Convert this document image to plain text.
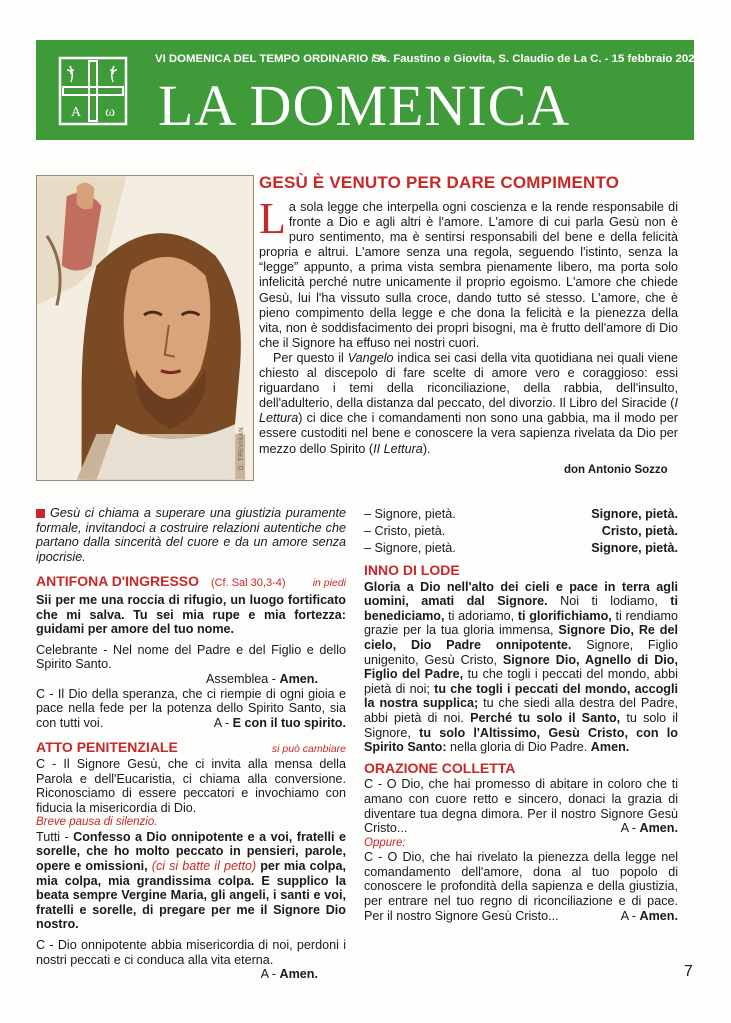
A ω
VI DOMENICA DEL TEMPO ORDINARIO / A
Ss. Faustino e Giovita, S. Claudio de La C. - 15 febbraio 2026
LA DOMENICA
D. TREVISAN
GESÙ È VENUTO PER DARE COMPIMENTO

La sola legge che interpella ogni coscienza e la rende responsabile di fronte a Dio e agli altri è l'amore. L'amore di cui parla Gesù non è puro sentimento, ma è sentirsi responsabili del bene e della felicità propria e altrui. L'amore senza una regola, seguendo l'istinto, senza la “legge” appunto, a prima vista sembra pienamente libero, ma porta solo infelicità perché nutre unicamente il proprio egoismo. L'amore che chiede Gesù, lui l'ha vissuto sulla croce, dando tutto sé stesso. L'amore, che è pieno compimento della legge e che dona la felicità e la pienezza della vita, non è soddisfacimento dei propri bisogni, ma è frutto dell'amore di Dio che il Signore ha effuso nei nostri cuori.

Per questo il Vangelo indica sei casi della vita quotidiana nei quali viene chiesto al discepolo di fare scelte di amore vero e coraggioso: essi riguardano i temi della riconciliazione, della rabbia, dell'insulto, dell'adulterio, della distanza dal peccato, del divorzio. Il Libro del Siracide (I Lettura) ci dice che i comandamenti non sono una gabbia, ma il modo per essere custoditi nel bene e conoscere la vera sapienza rivelata da Dio per mezzo dello Spirito (II Lettura).

don Antonio Sozzo
Gesù ci chiama a superare una giustizia puramente formale, invitandoci a costruire relazioni autentiche che partano dalla sincerità del cuore e da un amore senza ipocrisie.
ANTIFONA D'INGRESSO (Cf. Sal 30,3-4)	in piedi
Sii per me una roccia di rifugio, un luogo fortificato che mi salva. Tu sei mia rupe e mia fortezza: guidami per amore del tuo nome.
Celebrante - Nel nome del Padre e del Figlio e dello Spirito Santo.
Assemblea - Amen.
C - Il Dio della speranza, che ci riempie di ogni gioia e pace nella fede per la potenza dello Spirito Santo, sia con tutti voi.	A - E con il tuo spirito.
ATTO PENITENZIALE	si può cambiare
C - Il Signore Gesù, che ci invita alla mensa della Parola e dell'Eucaristia, ci chiama alla conversione. Riconosciamo di essere peccatori e invochiamo con fiducia la misericordia di Dio.
Breve pausa di silenzio.
Tutti - Confesso a Dio onnipotente e a voi, fratelli e sorelle, che ho molto peccato in pensieri, parole, opere e omissioni, (ci si batte il petto) per mia colpa, mia colpa, mia grandissima colpa. E supplico la beata sempre Vergine Maria, gli angeli, i santi e voi, fratelli e sorelle, di pregare per me il Signore Dio nostro.
C - Dio onnipotente abbia misericordia di noi, perdoni i nostri peccati e ci conduca alla vita eterna.
A - Amen.
– Signore, pietà.	Signore, pietà.
– Cristo, pietà.	Cristo, pietà.
– Signore, pietà.	Signore, pietà.
INNO DI LODE
Gloria a Dio nell'alto dei cieli e pace in terra agli uomini, amati dal Signore. Noi ti lodiamo, ti benediciamo, ti adoriamo, ti glorifichiamo, ti rendiamo grazie per la tua gloria immensa, Signore Dio, Re del cielo, Dio Padre onnipotente. Signore, Figlio unigenito, Gesù Cristo, Signore Dio, Agnello di Dio, Figlio del Padre, tu che togli i peccati del mondo, abbi pietà di noi; tu che togli i peccati del mondo, accogli la nostra supplica; tu che siedi alla destra del Padre, abbi pietà di noi. Perché tu solo il Santo, tu solo il Signore, tu solo l'Altissimo, Gesù Cristo, con lo Spirito Santo: nella gloria di Dio Padre. Amen.
ORAZIONE COLLETTA
C - O Dio, che hai promesso di abitare in coloro che ti amano con cuore retto e sincero, donaci la grazia di diventare tua degna dimora. Per il nostro Signore Gesù Cristo...	A - Amen.
Oppure:
C - O Dio, che hai rivelato la pienezza della legge nel comandamento dell'amore, dona al tuo popolo di conoscere le profondità della sapienza e della giustizia, per entrare nel tuo regno di riconciliazione e di pace. Per il nostro Signore Gesù Cristo...	A - Amen.
7
